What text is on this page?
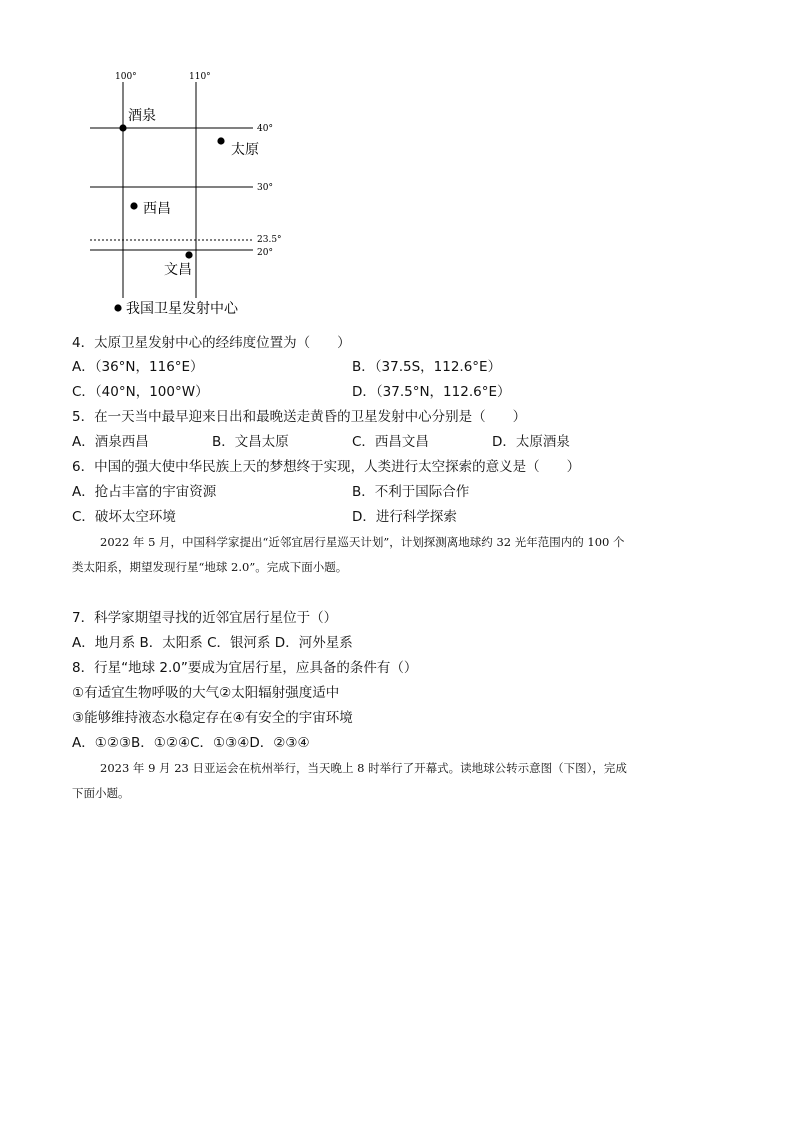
100°	110°
40°
30°
23.5°
20°
酒泉
太原
西昌
文昌
我国卫星发射中心
4．太原卫星发射中心的经纬度位置为（　　）
A．（36°N，116°E）	B．（37.5S，112.6°E）
C．（40°N，100°W）	D．（37.5°N，112.6°E）
5．在一天当中最早迎来日出和最晚送走黄昏的卫星发射中心分别是（　　）
A．酒泉西昌	B．文昌太原	C．西昌文昌	D．太原酒泉
6．中国的强大使中华民族上天的梦想终于实现，人类进行太空探索的意义是（　　）
A．抢占丰富的宇宙资源	B．不利于国际合作
C．破坏太空环境	D．进行科学探索
2022 年 5 月，中国科学家提出“近邻宜居行星巡天计划”，计划探测离地球约 32 光年范围内的 100 个
类太阳系，期望发现行星“地球 2.0”。完成下面小题。
7．科学家期望寻找的近邻宜居行星位于（）
A．地月系 B．太阳系 C．银河系 D．河外星系
8．行星“地球 2.0”要成为宜居行星，应具备的条件有（）
①有适宜生物呼吸的大气②太阳辐射强度适中
③能够维持液态水稳定存在④有安全的宇宙环境
A．①②③B．①②④C．①③④D．②③④
2023 年 9 月 23 日亚运会在杭州举行，当天晚上 8 时举行了开幕式。读地球公转示意图（下图），完成
下面小题。
